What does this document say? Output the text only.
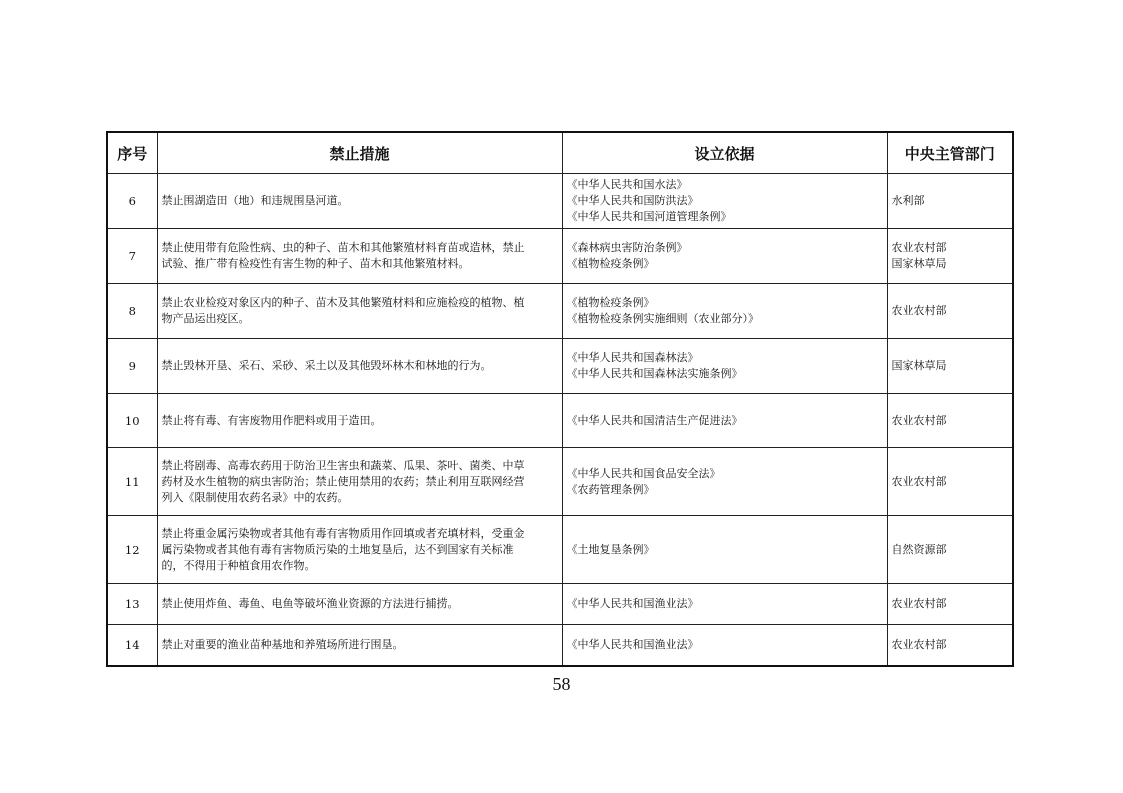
序号	禁止措施	设立依据	中央主管部门
6	禁止围湖造田（地）和违规围垦河道。	《中华人民共和国水法》
《中华人民共和国防洪法》
《中华人民共和国河道管理条例》	水利部

7	禁止使用带有危险性病、虫的种子、苗木和其他繁殖材料育苗或造林，禁止
试验、推广带有检疫性有害生物的种子、苗木和其他繁殖材料。	《森林病虫害防治条例》
《植物检疫条例》	农业农村部
国家林草局

8	禁止农业检疫对象区内的种子、苗木及其他繁殖材料和应施检疫的植物、植
物产品运出疫区。	《植物检疫条例》
《植物检疫条例实施细则（农业部分）》	农业农村部

9	禁止毁林开垦、采石、采砂、采土以及其他毁坏林木和林地的行为。	《中华人民共和国森林法》
《中华人民共和国森林法实施条例》	国家林草局

10	禁止将有毒、有害废物用作肥料或用于造田。	《中华人民共和国清洁生产促进法》	农业农村部

11	禁止将剧毒、高毒农药用于防治卫生害虫和蔬菜、瓜果、茶叶、菌类、中草
药材及水生植物的病虫害防治；禁止使用禁用的农药；禁止利用互联网经营
列入《限制使用农药名录》中的农药。	《中华人民共和国食品安全法》
《农药管理条例》	农业农村部

12	禁止将重金属污染物或者其他有毒有害物质用作回填或者充填材料，受重金
属污染物或者其他有毒有害物质污染的土地复垦后，达不到国家有关标准
的，不得用于种植食用农作物。	《土地复垦条例》	自然资源部

13	禁止使用炸鱼、毒鱼、电鱼等破坏渔业资源的方法进行捕捞。	《中华人民共和国渔业法》	农业农村部

14	禁止对重要的渔业苗种基地和养殖场所进行围垦。	《中华人民共和国渔业法》	农业农村部
58
